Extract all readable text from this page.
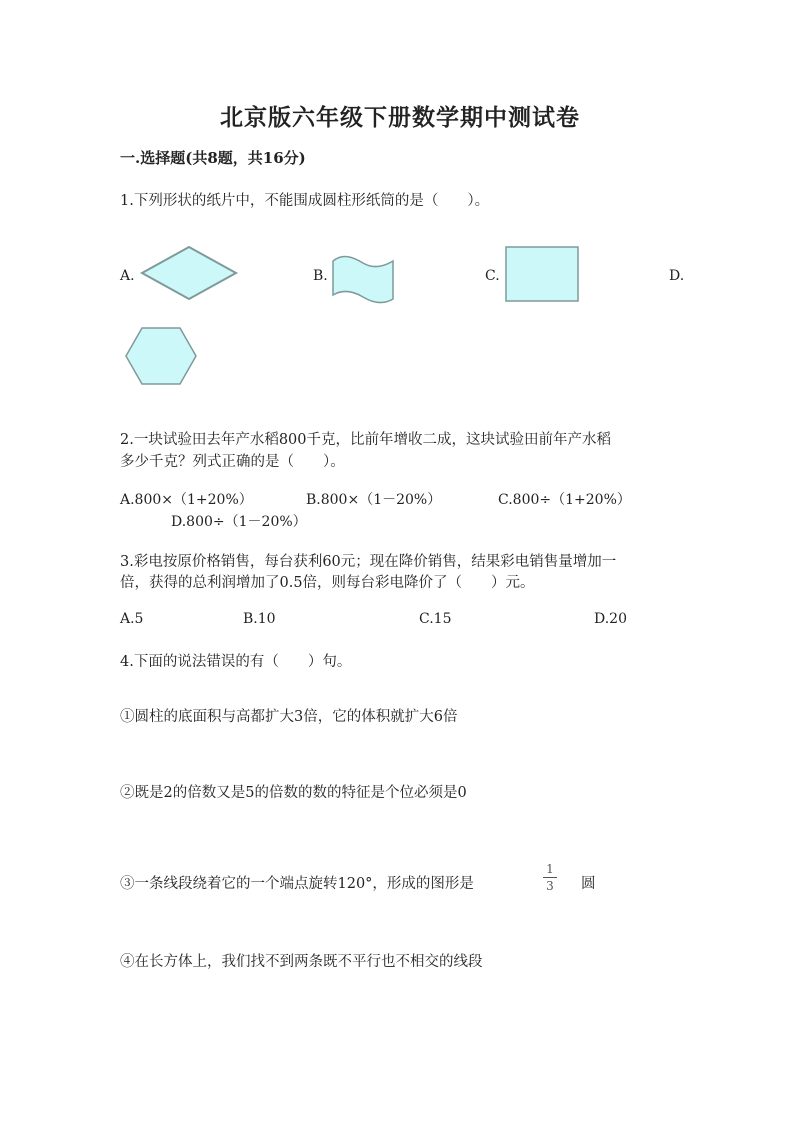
北京版六年级下册数学期中测试卷
一.选择题(共8题，共16分)
1.下列形状的纸片中，不能围成圆柱形纸筒的是（　　）。
A.	B.	C.	D.
2.一块试验田去年产水稻800千克，比前年增收二成，这块试验田前年产水稻
多少千克？列式正确的是（　　）。
A.800×（1+20%）	B.800×（1－20%）	C.800÷（1+20%）
D.800÷（1－20%）
3.彩电按原价格销售，每台获利60元；现在降价销售，结果彩电销售量增加一
倍，获得的总利润增加了0.5倍，则每台彩电降价了（　　）元。
A.5	B.10	C.15	D.20
4.下面的说法错误的有（　　）句。
①圆柱的底面积与高都扩大3倍，它的体积就扩大6倍
②既是2的倍数又是5的倍数的数的特征是个位必须是0
③一条线段绕着它的一个端点旋转120°，形成的图形是
1
3	圆
④在长方体上，我们找不到两条既不平行也不相交的线段
